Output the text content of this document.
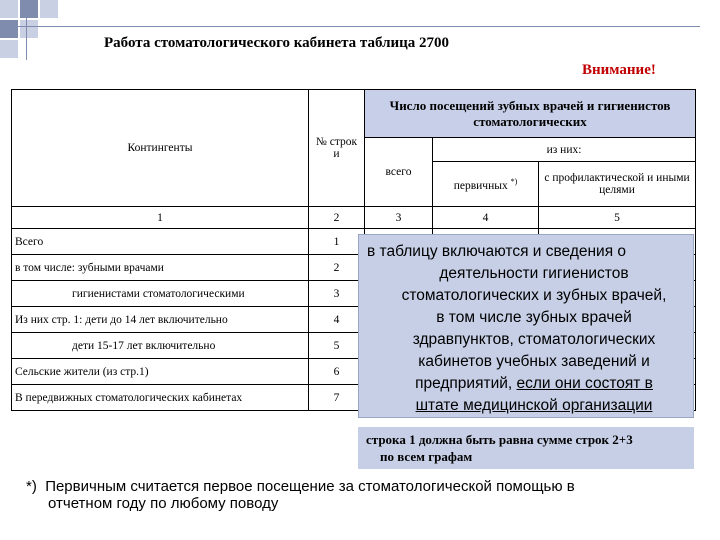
Работа стоматологического кабинета таблица 2700
Внимание!
Контингенты	№ строк и	Число посещений зубных врачей и гигиенистов стоматологических		
		всего	из них:	
			первичных *)	с профилактической и иными целями
1	2	3	4	5
Всего	1			
в том числе: зубными врачами	2			
гигиенистами стоматологическими	3			
Из них стр. 1: дети до 14 лет включительно	4			
дети 15-17 лет включительно	5			
Сельские жители (из стр.1)	6			
В передвижных стоматологических кабинетах	7			
в таблицу включаются и сведения о
деятельности гигиенистов
стоматологических и зубных врачей,
в том числе зубных врачей
здравпунктов, стоматологических
кабинетов учебных заведений и
предприятий, если они состоят в
штате медицинской организации
строка 1 должна быть равна сумме строк 2+3
по всем графам
*) Первичным считается первое посещение за стоматологической помощью в
отчетном году по любому поводу
